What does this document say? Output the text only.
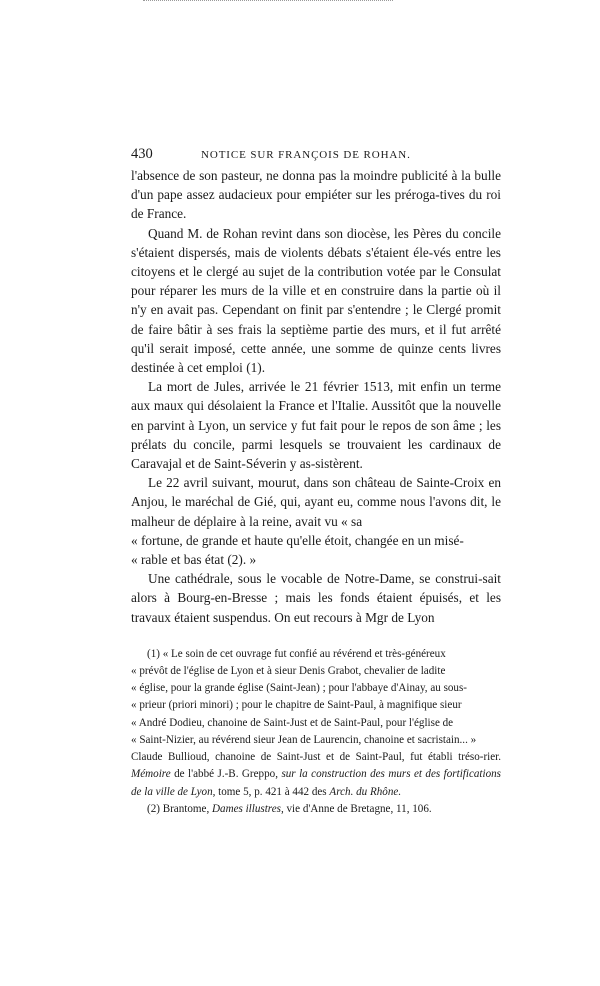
430	NOTICE SUR FRANÇOIS DE ROHAN.

l'absence de son pasteur, ne donna pas la moindre publicité à la bulle d'un pape assez audacieux pour empiéter sur les préroga-tives du roi de France.

Quand M. de Rohan revint dans son diocèse, les Pères du concile s'étaient dispersés, mais de violents débats s'étaient éle-vés entre les citoyens et le clergé au sujet de la contribution votée par le Consulat pour réparer les murs de la ville et en construire dans la partie où il n'y en avait pas. Cependant on finit par s'entendre ; le Clergé promit de faire bâtir à ses frais la septième partie des murs, et il fut arrêté qu'il serait imposé, cette année, une somme de quinze cents livres destinée à cet emploi (1).

La mort de Jules, arrivée le 21 février 1513, mit enfin un terme aux maux qui désolaient la France et l'Italie. Aussitôt que la nouvelle en parvint à Lyon, un service y fut fait pour le repos de son âme ; les prélats du concile, parmi lesquels se trouvaient les cardinaux de Caravajal et de Saint-Séverin y as-sistèrent.

Le 22 avril suivant, mourut, dans son château de Sainte-Croix en Anjou, le maréchal de Gié, qui, ayant eu, comme nous l'avons dit, le malheur de déplaire à la reine, avait vu « sa

« fortune, de grande et haute qu'elle étoit, changée en un misé-

« rable et bas état (2). »

Une cathédrale, sous le vocable de Notre-Dame, se construi-sait alors à Bourg-en-Bresse ; mais les fonds étaient épuisés, et les travaux étaient suspendus. On eut recours à Mgr de Lyon

(1) « Le soin de cet ouvrage fut confié au révérend et très-généreux

« prévôt de l'église de Lyon et à sieur Denis Grabot, chevalier de ladite

« église, pour la grande église (Saint-Jean) ; pour l'abbaye d'Ainay, au sous-

« prieur (priori minori) ; pour le chapitre de Saint-Paul, à magnifique sieur

« André Dodieu, chanoine de Saint-Just et de Saint-Paul, pour l'église de

« Saint-Nizier, au révérend sieur Jean de Laurencin, chanoine et sacristain... »

Claude Bullioud, chanoine de Saint-Just et de Saint-Paul, fut établi tréso-rier. Mémoire de l'abbé J.-B. Greppo, sur la construction des murs et des fortifications de la ville de Lyon, tome 5, p. 421 à 442 des Arch. du Rhône.

(2) Brantome, Dames illustres, vie d'Anne de Bretagne, 11, 106.
